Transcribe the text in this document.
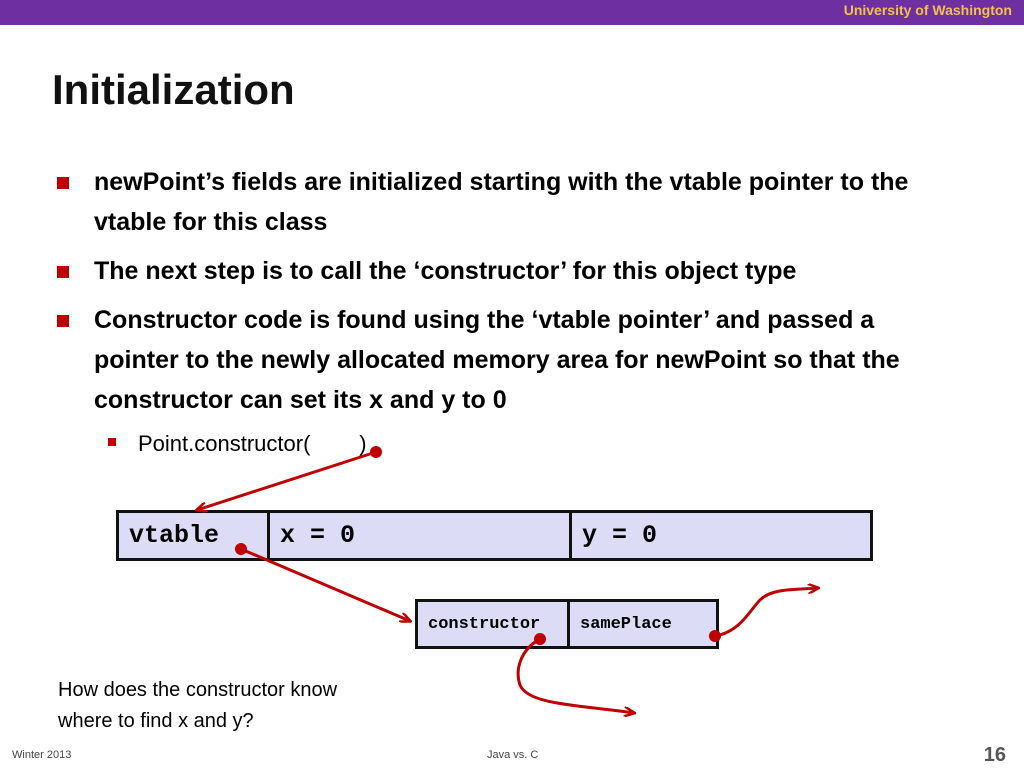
University of Washington
Initialization
newPoint’s fields are initialized starting with the vtable pointer to the vtable for this class
The next step is to call the ‘constructor’ for this object type
Constructor code is found using the ‘vtable pointer’ and passed a pointer to the newly allocated memory area for newPoint so that the constructor can set its x and y to 0
Point.constructor(        )
vtable	x = 0	y = 0
constructor	samePlace
How does the constructor know
where to find x and y?
Winter 2013	Java vs. C	16
